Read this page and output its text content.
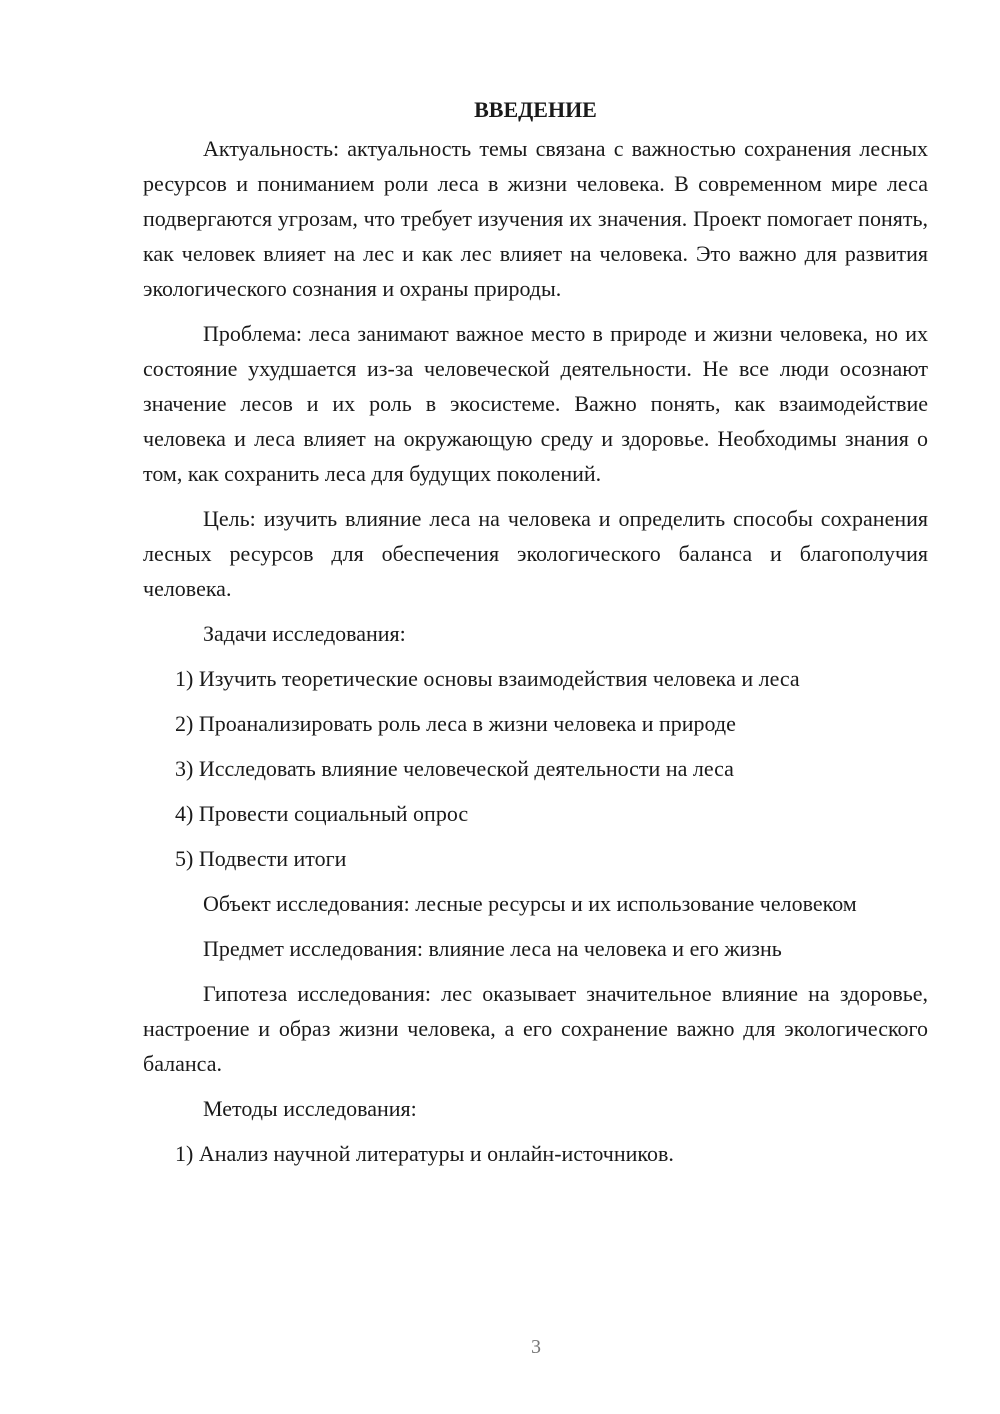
ВВЕДЕНИЕ

Актуальность: актуальность темы связана с важностью сохранения лесных ресурсов и пониманием роли леса в жизни человека. В современном мире леса подвергаются угрозам, что требует изучения их значения. Проект помогает понять, как человек влияет на лес и как лес влияет на человека. Это важно для развития экологического сознания и охраны природы.

Проблема: леса занимают важное место в природе и жизни человека, но их состояние ухудшается из-за человеческой деятельности. Не все люди осознают значение лесов и их роль в экосистеме. Важно понять, как взаимодействие человека и леса влияет на окружающую среду и здоровье. Необходимы знания о том, как сохранить леса для будущих поколений.

Цель: изучить влияние леса на человека и определить способы сохранения лесных ресурсов для обеспечения экологического баланса и благополучия человека.

Задачи исследования:

1) Изучить теоретические основы взаимодействия человека и леса

2) Проанализировать роль леса в жизни человека и природе

3) Исследовать влияние человеческой деятельности на леса

4) Провести социальный опрос

5) Подвести итоги

Объект исследования: лесные ресурсы и их использование человеком

Предмет исследования: влияние леса на человека и его жизнь

Гипотеза исследования: лес оказывает значительное влияние на здоровье, настроение и образ жизни человека, а его сохранение важно для экологического баланса.

Методы исследования:

1) Анализ научной литературы и онлайн-источников.

3
